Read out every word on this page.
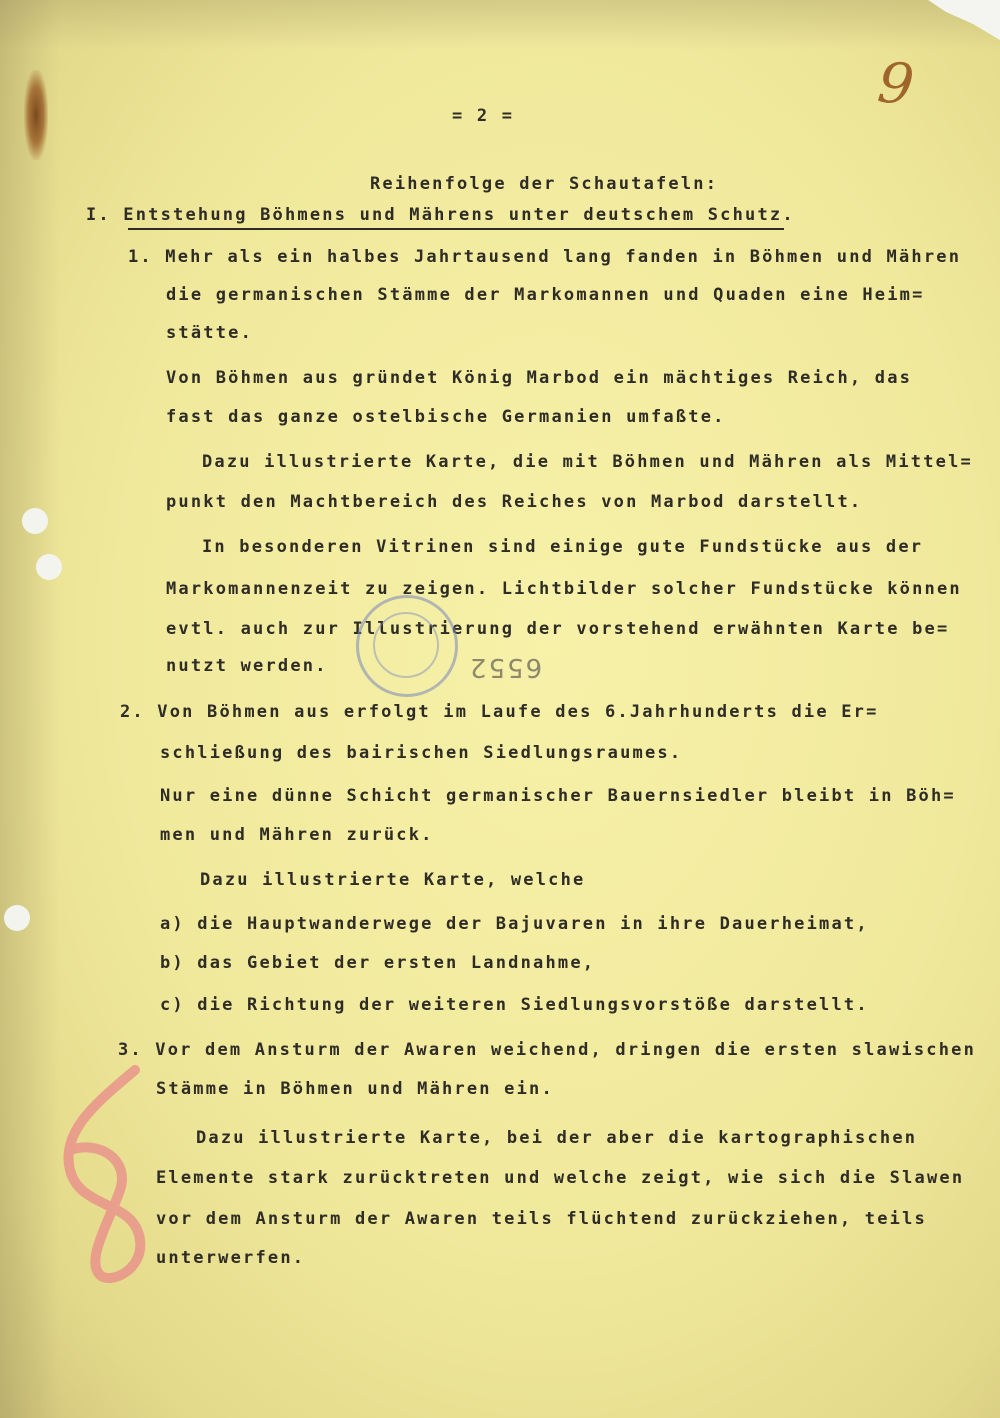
9
= 2 =
Reihenfolge der Schautafeln:
I. Entstehung Böhmens und Mährens unter deutschem Schutz.
1. Mehr als ein halbes Jahrtausend lang fanden in Böhmen und Mähren
die germanischen Stämme der Markomannen und Quaden eine Heim=
stätte.
Von Böhmen aus gründet König Marbod ein mächtiges Reich, das
fast das ganze ostelbische Germanien umfaßte.
Dazu illustrierte Karte, die mit Böhmen und Mähren als Mittel=
punkt den Machtbereich des Reiches von Marbod darstellt.
In besonderen Vitrinen sind einige gute Fundstücke aus der
Markomannenzeit zu zeigen. Lichtbilder solcher Fundstücke können
evtl. auch zur Illustrierung der vorstehend erwähnten Karte be=
nutzt werden.	6552
2. Von Böhmen aus erfolgt im Laufe des 6.Jahrhunderts die Er=
schließung des bairischen Siedlungsraumes.
Nur eine dünne Schicht germanischer Bauernsiedler bleibt in Böh=
men und Mähren zurück.
Dazu illustrierte Karte, welche
a) die Hauptwanderwege der Bajuvaren in ihre Dauerheimat,
b) das Gebiet der ersten Landnahme,
c) die Richtung der weiteren Siedlungsvorstöße darstellt.
3. Vor dem Ansturm der Awaren weichend, dringen die ersten slawischen
Stämme in Böhmen und Mähren ein.
Dazu illustrierte Karte, bei der aber die kartographischen
Elemente stark zurücktreten und welche zeigt, wie sich die Slawen
vor dem Ansturm der Awaren teils flüchtend zurückziehen, teils
unterwerfen.
